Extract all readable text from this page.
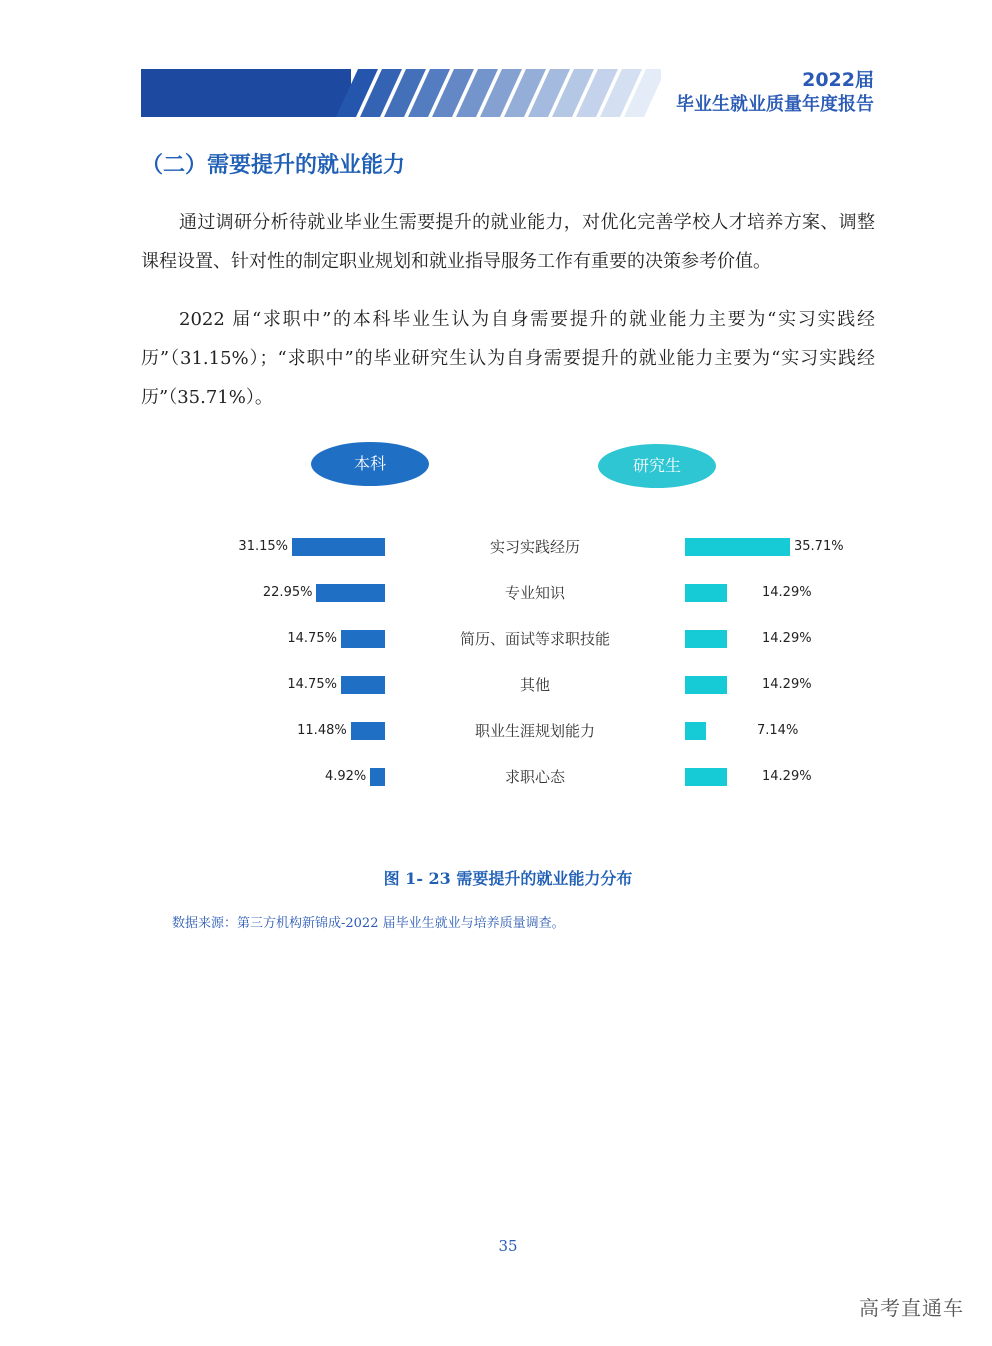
2022届
毕业生就业质量年度报告
（二）需要提升的就业能力

通过调研分析待就业毕业生需要提升的就业能力，对优化完善学校人才培养方案、调整课程设置、针对性的制定职业规划和就业指导服务工作有重要的决策参考价值。

2022 届“求职中”的本科毕业生认为自身需要提升的就业能力主要为“实习实践经历”（31.15%）；“求职中”的毕业研究生认为自身需要提升的就业能力主要为“实习实践经历”（35.71%）。

本科	研究生
31.15%	实习实践经历	35.71%
22.95%	专业知识	14.29%
14.75%	简历、面试等求职技能	14.29%
14.75%	其他	14.29%
11.48%	职业生涯规划能力	7.14%
4.92%	求职心态	14.29%
图 1- 23 需要提升的就业能力分布
数据来源：第三方机构新锦成-2022 届毕业生就业与培养质量调查。
35
高考直通车
